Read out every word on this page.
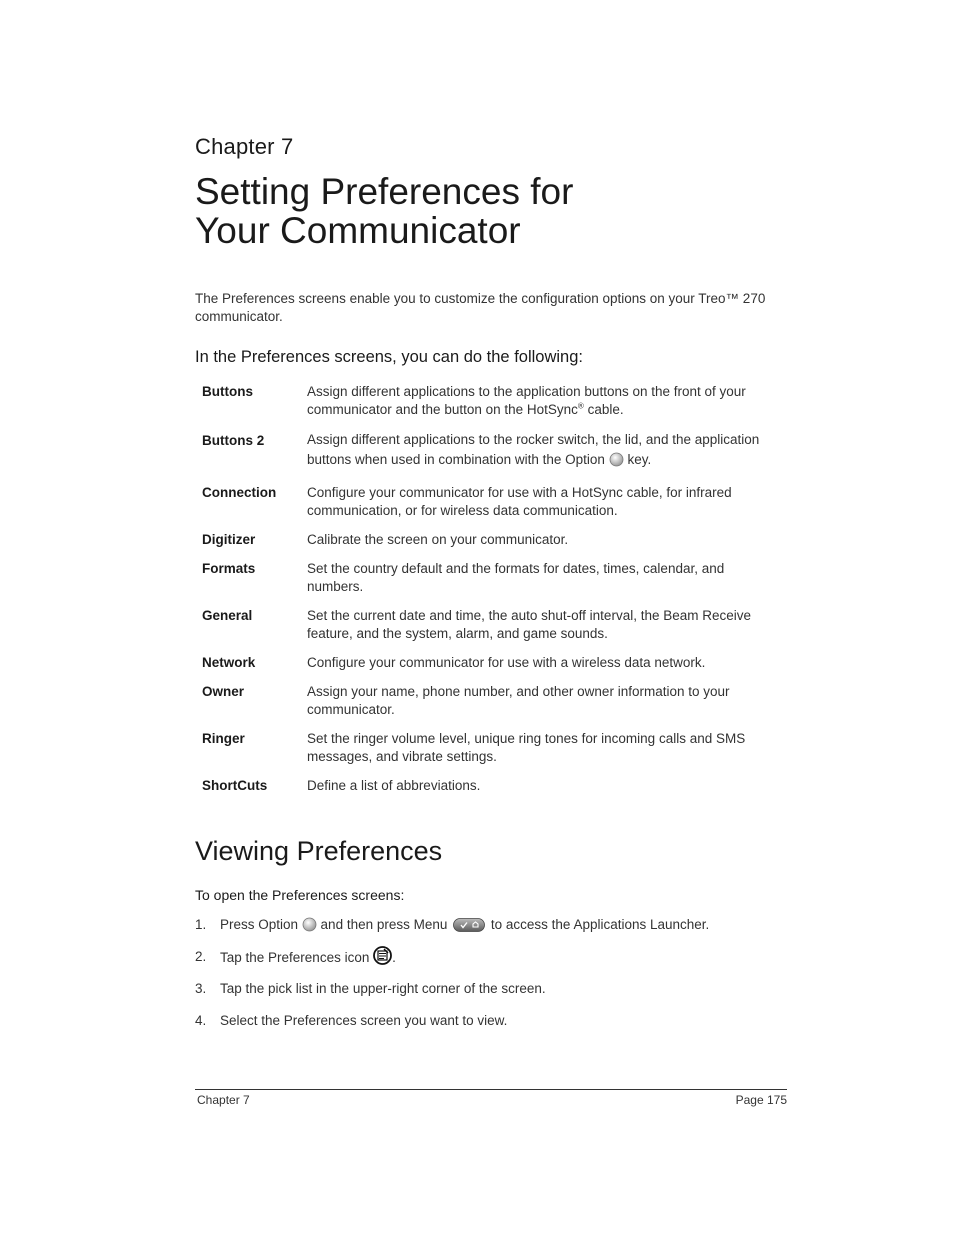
Chapter 7
Setting Preferences for
Your Communicator
The Preferences screens enable you to customize the configuration options on your Treo™ 270 communicator.
In the Preferences screens, you can do the following:
Buttons	Assign different applications to the application buttons on the front of your communicator and the button on the HotSync® cable.
Buttons 2	Assign different applications to the rocker switch, the lid, and the application buttons when used in combination with the Option  key.
Connection	Configure your communicator for use with a HotSync cable, for infrared communication, or for wireless data communication.
Digitizer	Calibrate the screen on your communicator.
Formats	Set the country default and the formats for dates, times, calendar, and numbers.
General	Set the current date and time, the auto shut-off interval, the Beam Receive feature, and the system, alarm, and game sounds.
Network	Configure your communicator for use with a wireless data network.
Owner	Assign your name, phone number, and other owner information to your communicator.
Ringer	Set the ringer volume level, unique ring tones for incoming calls and SMS messages, and vibrate settings.
ShortCuts	Define a list of abbreviations.
Viewing Preferences
To open the Preferences screens:
1.	Press Option  and then press Menu	to access the Applications Launcher.
2.	Tap the Preferences icon .
3.	Tap the pick list in the upper-right corner of the screen.
4.	Select the Preferences screen you want to view.
Chapter 7	Page 175
